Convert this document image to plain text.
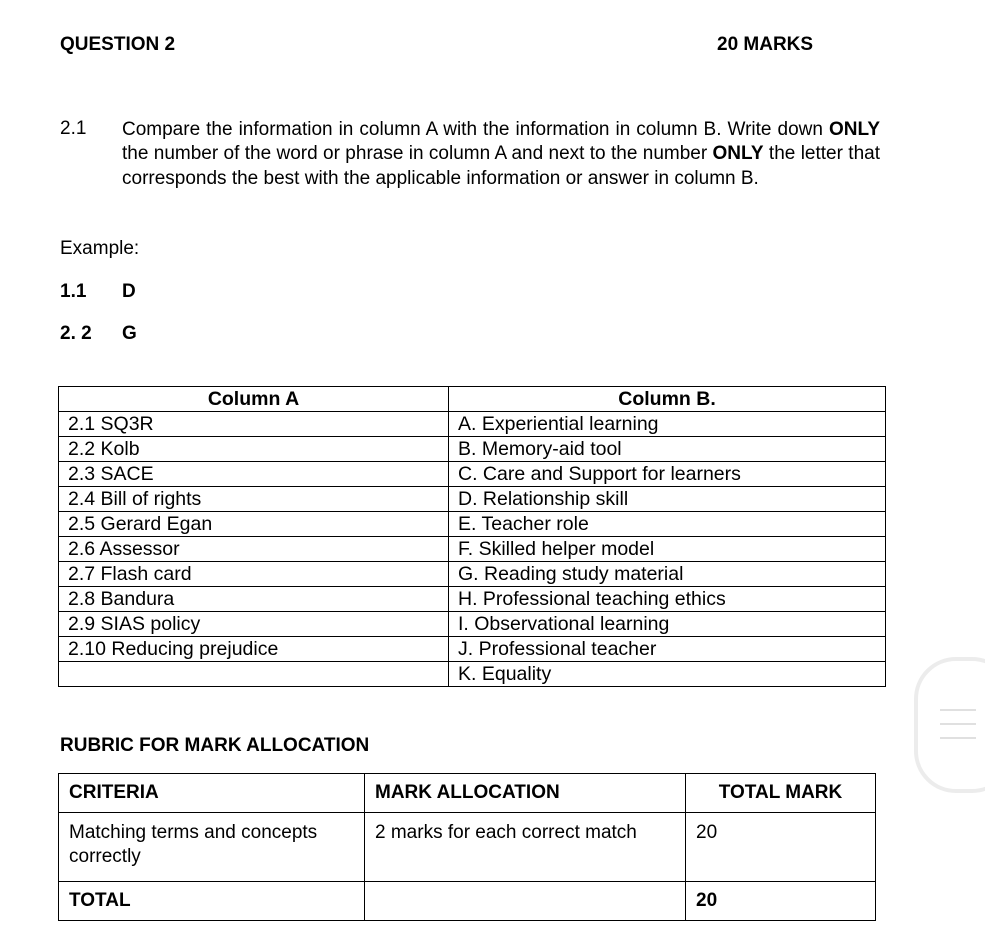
QUESTION 2	20 MARKS
2.1 Compare the information in column A with the information in column B. Write down ONLY the number of the word or phrase in column A and next to the number ONLY the letter that corresponds the best with the applicable information or answer in column B.
Example:
1.1 D
2. 2 G
Column A	Column B.
2.1 SQ3R	A. Experiential learning
2.2 Kolb	B. Memory-aid tool
2.3 SACE	C. Care and Support for learners
2.4 Bill of rights	D. Relationship skill
2.5 Gerard Egan	E. Teacher role
2.6 Assessor	F. Skilled helper model
2.7 Flash card	G. Reading study material
2.8 Bandura	H. Professional teaching ethics
2.9 SIAS policy	I. Observational learning
2.10 Reducing prejudice	J. Professional teacher
	K. Equality
RUBRIC FOR MARK ALLOCATION
CRITERIA	MARK ALLOCATION	TOTAL MARK
Matching terms and concepts correctly	2 marks for each correct match	20
TOTAL		20
